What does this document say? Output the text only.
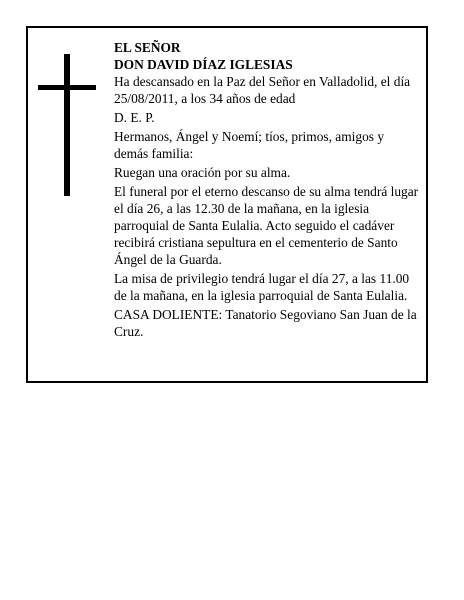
EL SEÑOR
DON DAVID DÍAZ IGLESIAS

Ha descansado en la Paz del Señor en Valladolid, el día 25/08/2011, a los 34 años de edad

D. E. P.

Hermanos, Ángel y Noemí; tíos, primos, amigos y demás familia:

Ruegan una oración por su alma.

El funeral por el eterno descanso de su alma tendrá lugar el día 26, a las 12.30 de la mañana, en la iglesia parroquial de Santa Eulalia. Acto seguido el cadáver recibirá cristiana sepultura en el cementerio de Santo Ángel de la Guarda.

La misa de privilegio tendrá lugar el día 27, a las 11.00 de la mañana, en la iglesia parroquial de Santa Eulalia.

CASA DOLIENTE: Tanatorio Segoviano San Juan de la Cruz.
